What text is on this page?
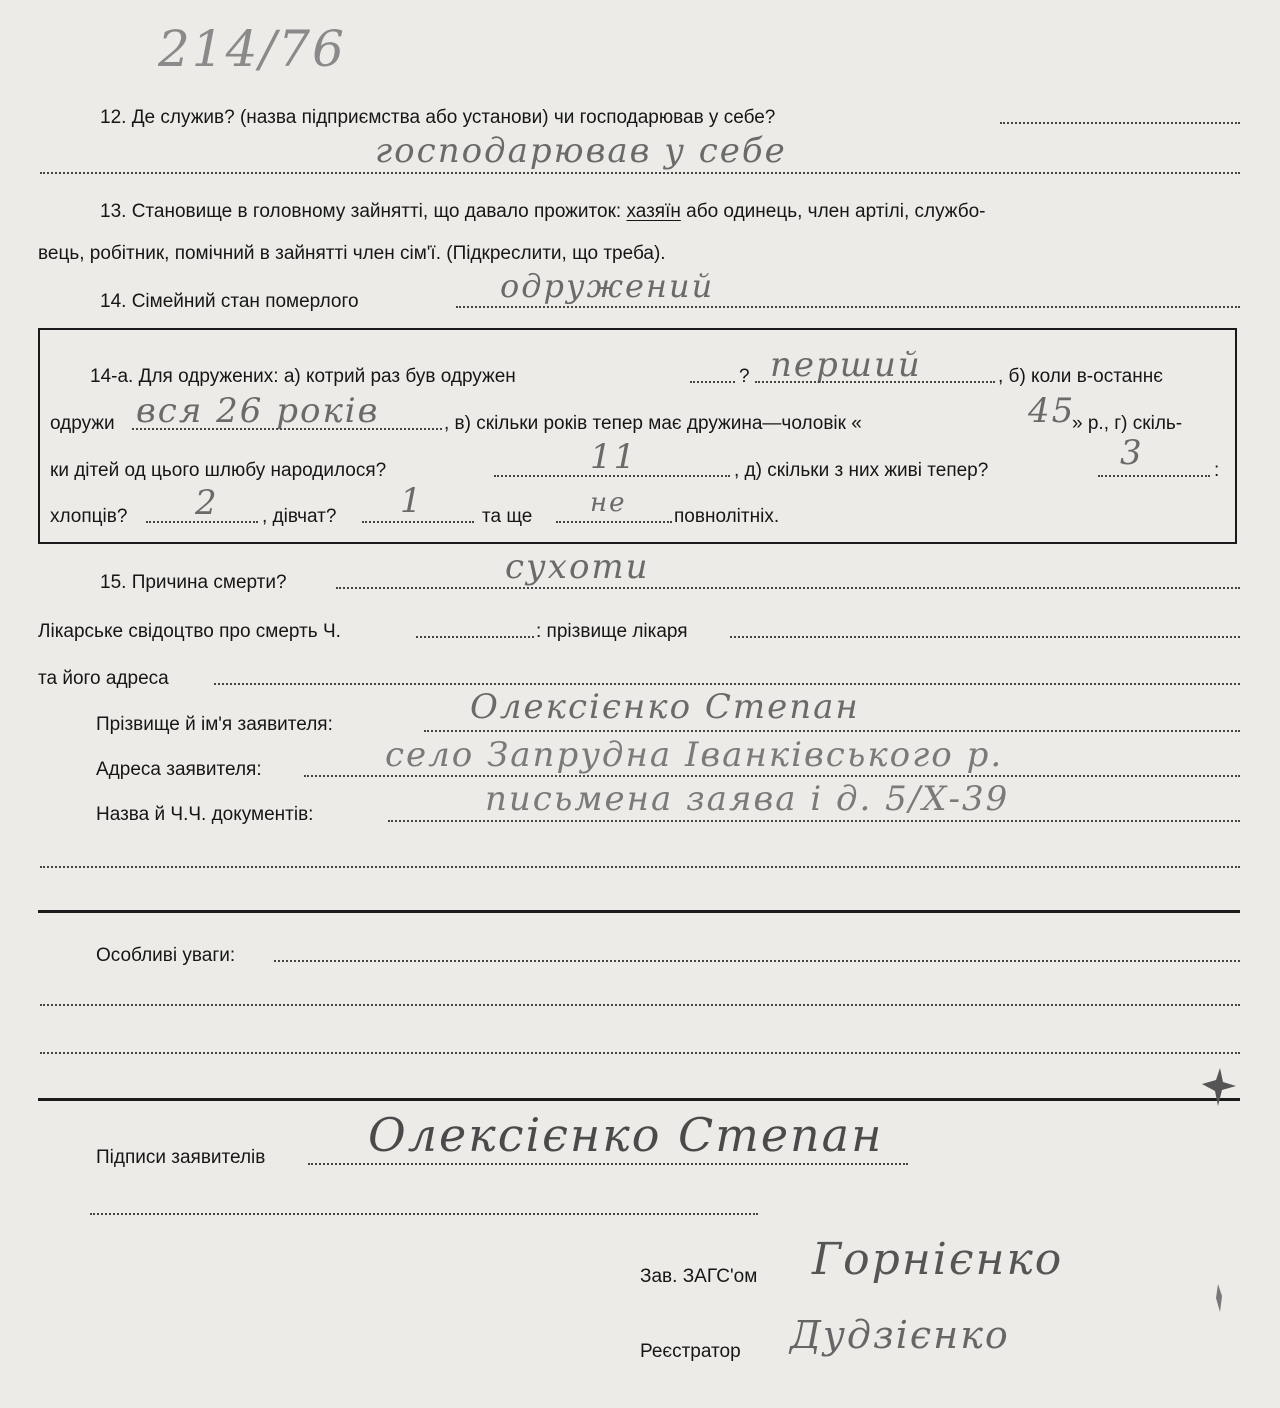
214/76
12. Де служив? (назва підприємства або установи) чи господарював у себе?
господарював у себе
13. Становище в головному зайнятті, що давало прожиток: хазяїн або одинець, член артілі, службо-
вець, робітник, помічний в зайнятті член сім'ї. (Підкреслити, що треба).
14. Сімейний стан померлого	одружений
14-а. Для одружених: а) котрий раз був одружен	? перший	, б) коли в-останнє
одружи вся 26 років	, в) скільки років тепер має дружина—чоловік «	45
» р., г) скіль-
ки дітей од цього шлюбу народилося?	11	, д) скільки з них живі тепер?	3	:
хлопців? 2 , дівчат? 1	та ще не повнолітніх.
15. Причина смерти?	сухоти
Лікарське свідоцтво про смерть Ч.	: прізвище лікаря
та його адреса
Прізвище й ім'я заявителя:	Олексієнко Степан
Адреса заявителя:	село Запрудна Іванківського р.
Назва й Ч.Ч. документів:	письмена заява і д. 5/Х-39
Особливі уваги:
Підписи заявителів Олексієнко Степан
Зав. ЗАГС'ом Горнієнко
Реєстратор Дудзієнко
